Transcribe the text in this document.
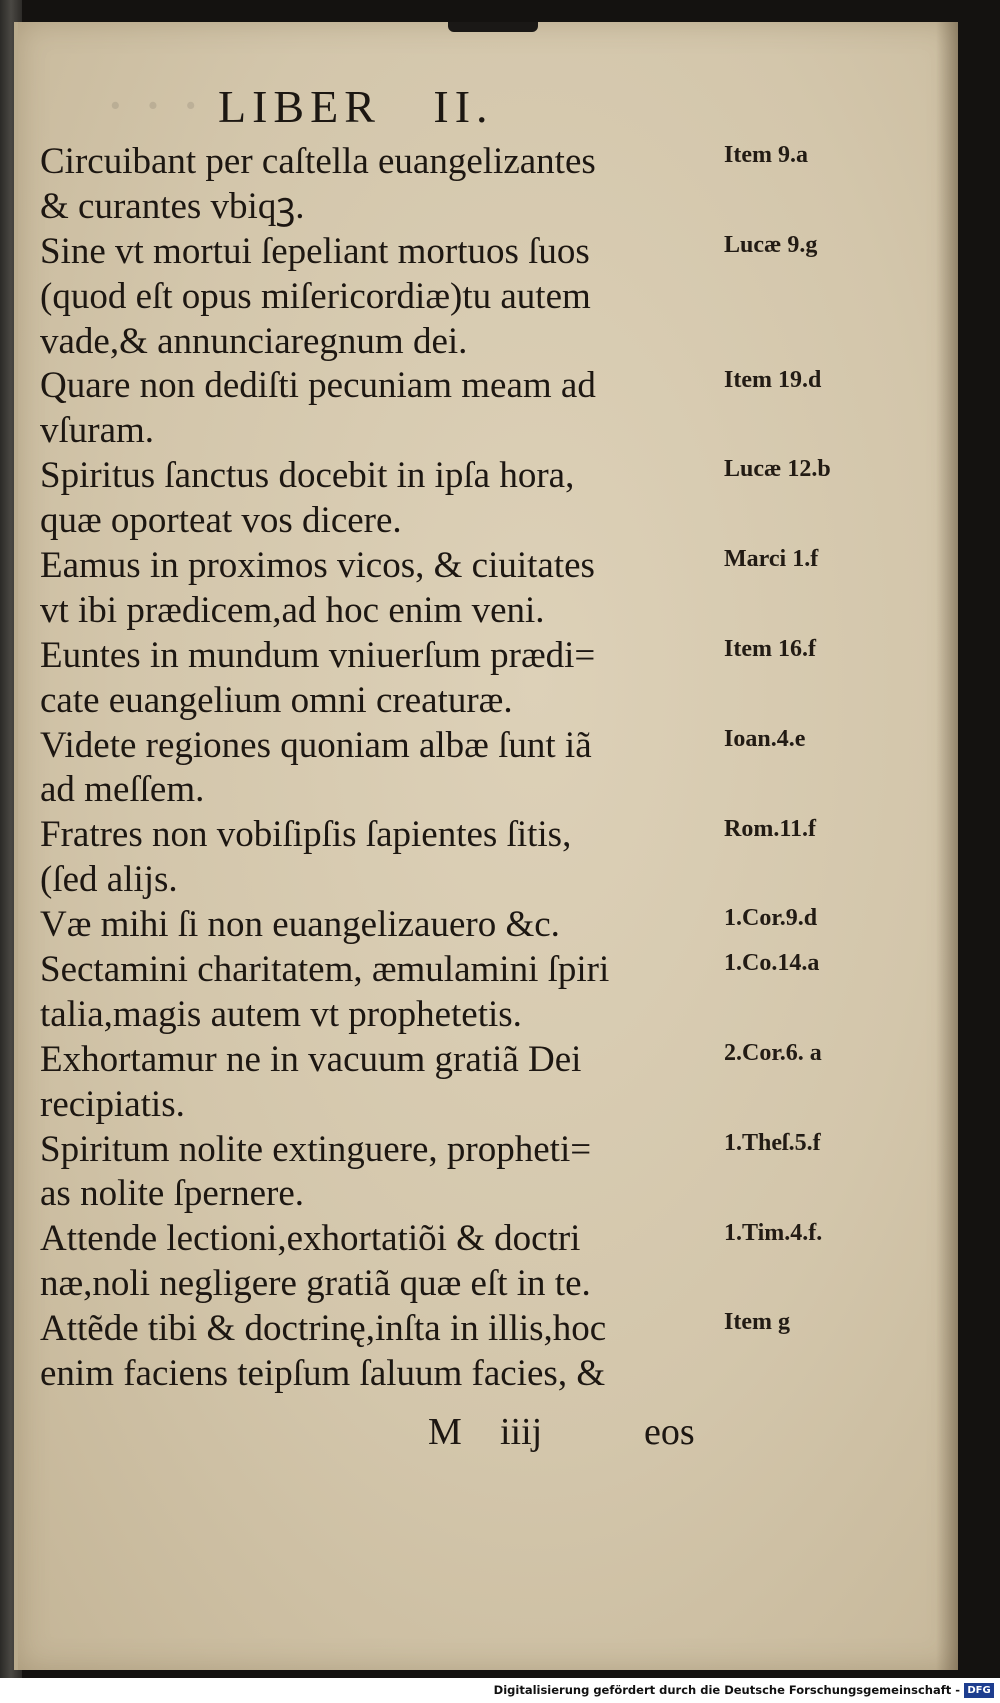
· · · LIBER   II.
Circuibant per caſtella euangelizantes
& curantes vbiqꝫ.
Sine vt mortui ſepeliant mortuos ſuos
(quod eſt opus miſericordiæ)tu autem
vade,& annunciaregnum dei.
Quare non dediſti pecuniam meam ad
vſuram.
Spiritus ſanctus docebit in ipſa hora,
quæ oporteat vos dicere.
Eamus in proximos vicos, & ciuitates
vt ibi prædicem,ad hoc enim veni.
Euntes in mundum vniuerſum prædi=
cate euangelium omni creaturæ.
Videte regiones quoniam albæ ſunt iã
ad meſſem.
Fratres non vobiſipſis ſapientes ſitis,
(ſed alijs.
Væ mihi ſi non euangelizauero &c.
Sectamini charitatem, æmulamini ſpiri
talia,magis autem vt prophetetis.
Exhortamur ne in vacuum gratiã Dei
recipiatis.
Spiritum nolite extinguere, propheti=
as nolite ſpernere.
Attende lectioni,exhortatiõi & doctri
næ,noli negligere gratiã quæ eſt in te.
Attẽde tibi & doctrinę,inſta in illis,hoc
enim faciens teipſum ſaluum facies, &
Item 9.a
Lucæ 9.g
Item 19.d
Lucæ 12.b
Marci 1.f
Item 16.f
Ioan.4.e
Rom.11.f
1.Cor.9.d
1.Co.14.a
2.Cor.6. a
1.Theſ.5.f
1.Tim.4.f.
Item g
M iiij	eos
Digitalisierung gefördert durch die Deutsche Forschungsgemeinschaft - DFG
